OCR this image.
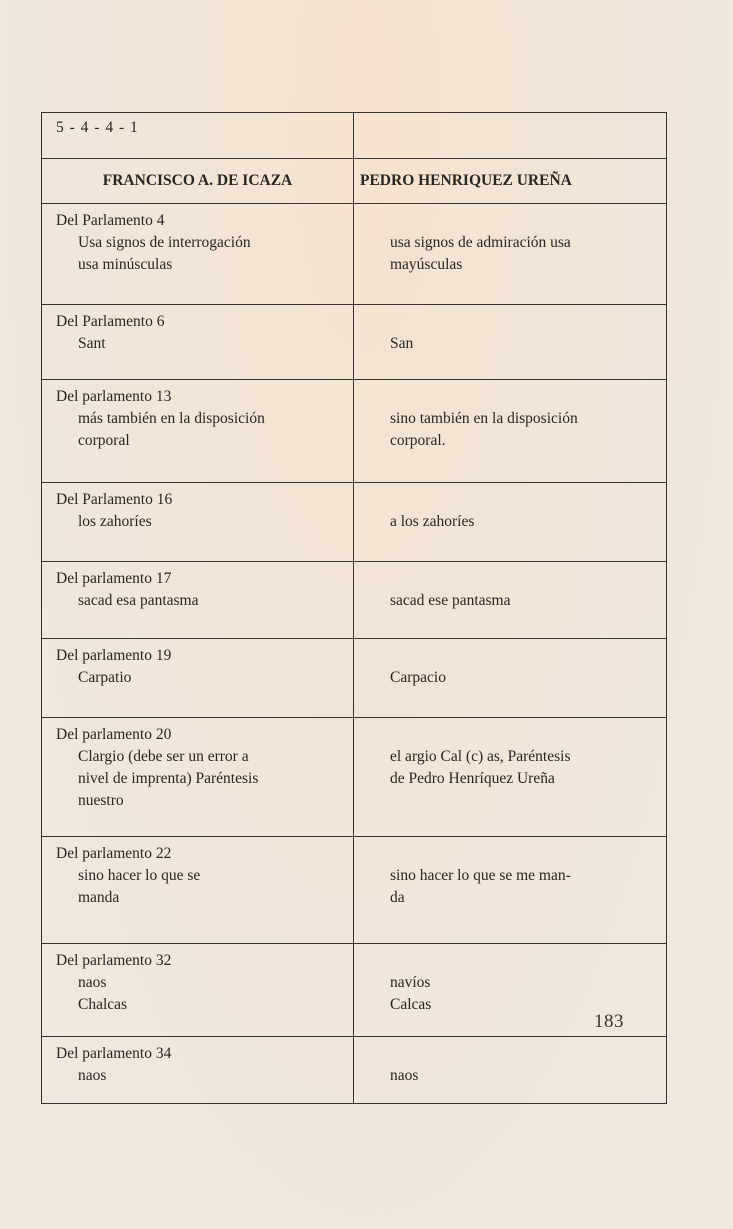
5 - 4 - 4 - 1	
FRANCISCO A. DE ICAZA	PEDRO HENRIQUEZ UREÑA

Del Parlamento 4
Usa signos de interrogación
usa minúsculas	usa signos de admiración usa
mayúsculas

Del Parlamento 6
Sant	San

Del parlamento 13
más también en la disposición
corporal	sino también en la disposición
corporal.

Del Parlamento 16
los zahoríes	a los zahoríes

Del parlamento 17
sacad esa pantasma	sacad ese pantasma

Del parlamento 19
Carpatio	Carpacio

Del parlamento 20
Clargio (debe ser un error a
nivel de imprenta) Paréntesis
nuestro	el argio Cal (c) as, Paréntesis
de Pedro Henríquez Ureña

Del parlamento 22
sino hacer lo que se
manda	sino hacer lo que se me man-
da

Del parlamento 32
naos
Chalcas	navíos
Calcas

Del parlamento 34
naos	naos
183
